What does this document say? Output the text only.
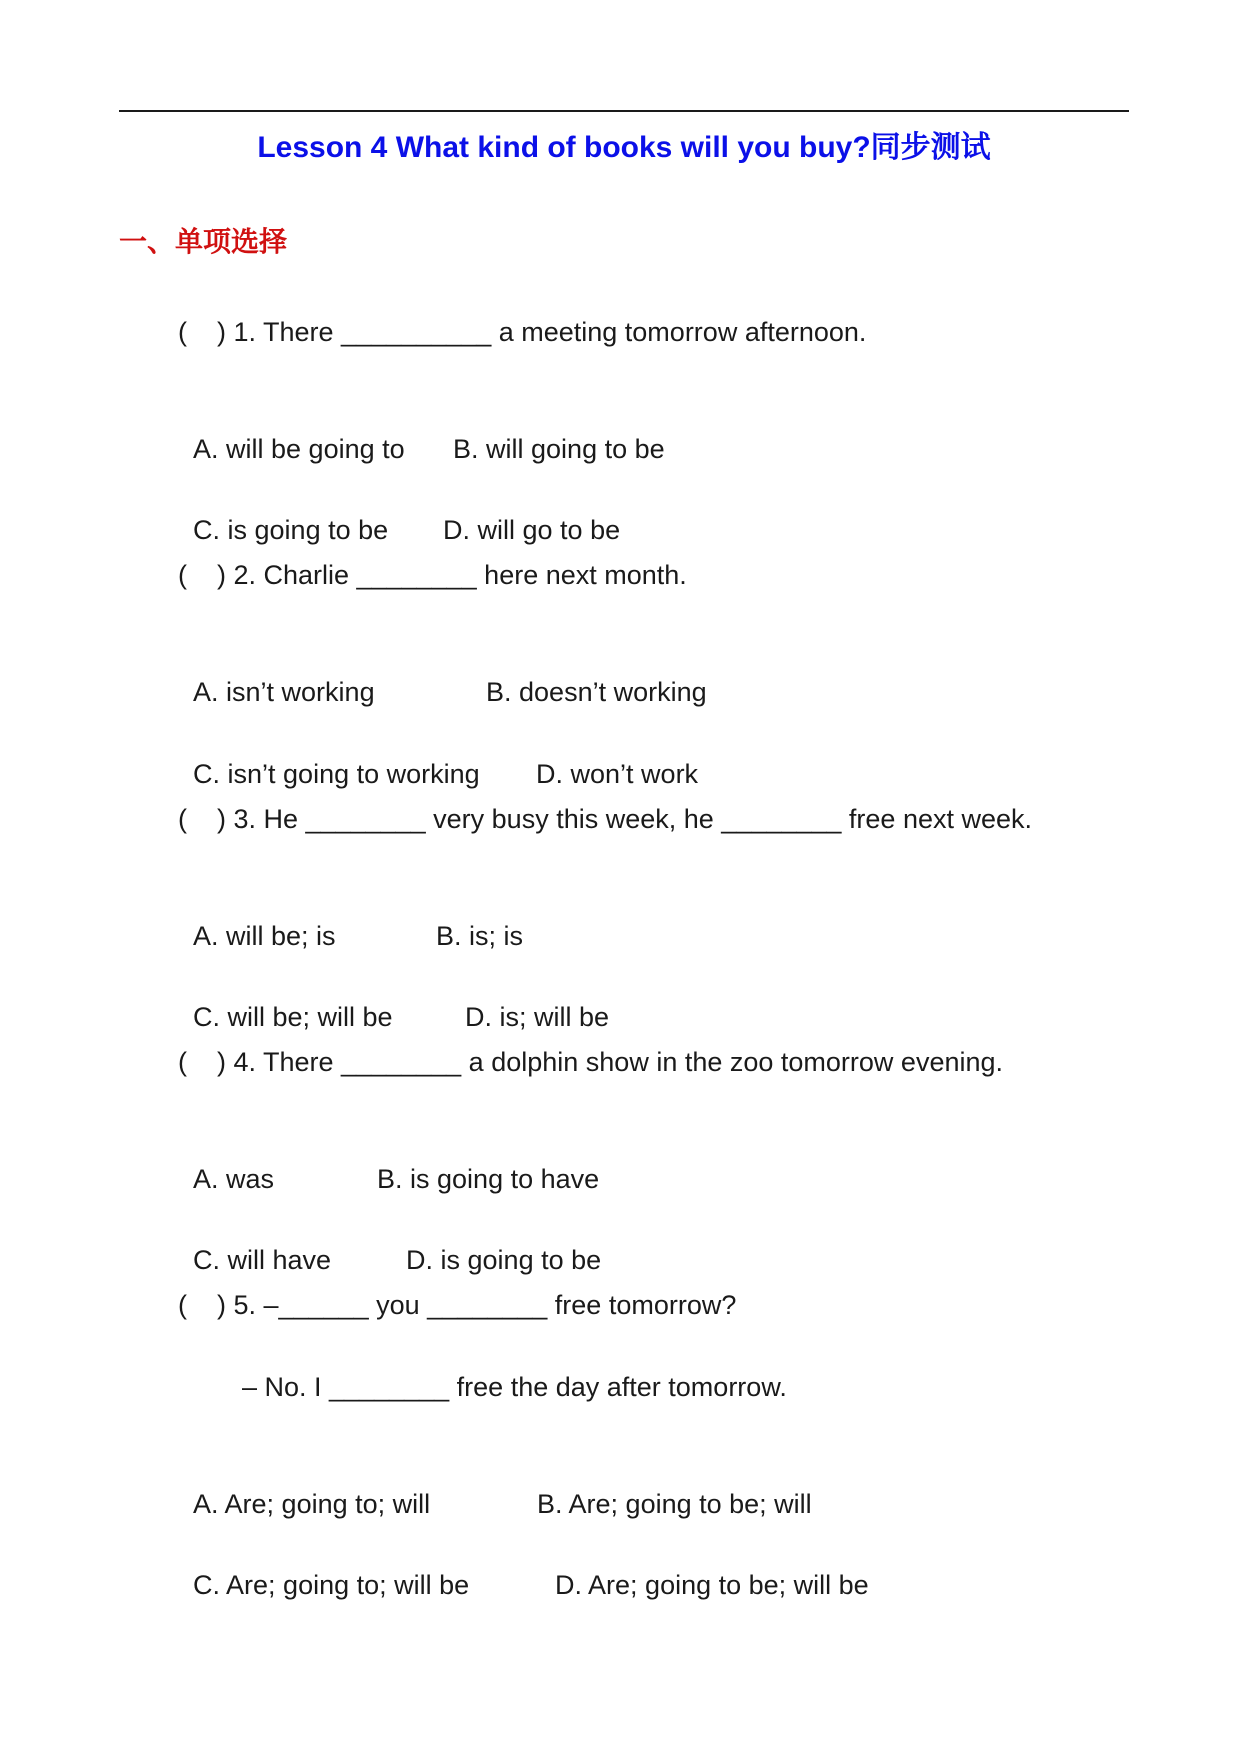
Lesson 4 What kind of books will you buy?同步测试
一、单项选择
(    ) 1. There __________ a meeting tomorrow afternoon.

A. will be going to B. will going to be

C. is going to be D. will go to be

(    ) 2. Charlie ________ here next month.

A. isn’t working	B. doesn’t working

C. isn’t going to working D. won’t work

(    ) 3. He ________ very busy this week, he ________ free next week.

A. will be; is	B. is; is

C. will be; will be	D. is; will be

(    ) 4. There ________ a dolphin show in the zoo tomorrow evening.

A. was	B. is going to have

C. will have	D. is going to be

(    ) 5. –______ you ________ free tomorrow?
– No. I ________ free the day after tomorrow.

A. Are; going to; will	B. Are; going to be; will

C. Are; going to; will be	D. Are; going to be; will be
